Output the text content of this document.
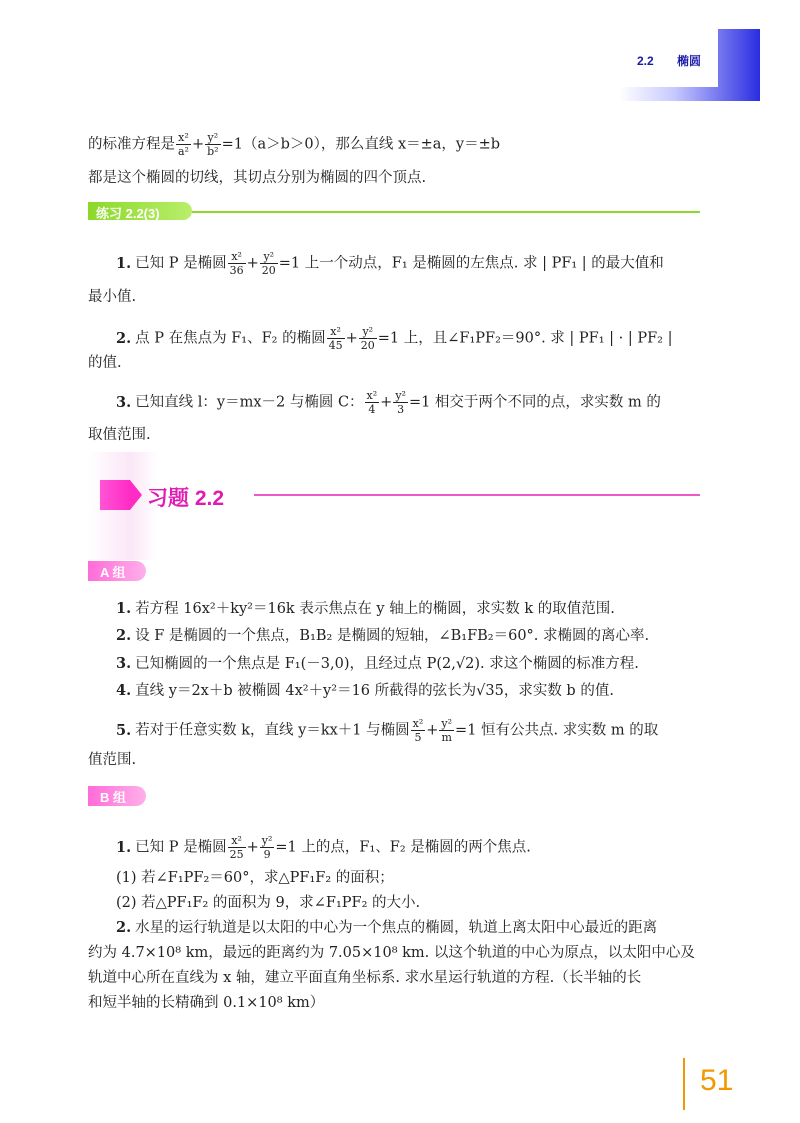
2.2 椭圆
的标准方程是 $\frac{\text{x²}}{\text{a²}} + \frac{\text{y²}}{\text{b²}} =1(a>b>0)$，那么直线 x＝±a，y＝±b
都是这个椭圆的切线，其切点分别为椭圆的四个顶点.
练习 2.2(3)
1. 已知 P 是椭圆 $\frac{\text{x²}}{36} + \frac{\text{y²}}{20} =1$ 上一个动点，F₁ 是椭圆的左焦点. 求 | PF₁ | 的最大值和
最小值.
2. 点 P 在焦点为 F₁、F₂ 的椭圆 $\frac{\text{x²}}{45} + \frac{\text{y²}}{20} =1$ 上，且∠F₁PF₂＝90°. 求 | PF₁ | · | PF₂ |
的值.
3. 已知直线 l：y＝mx－2 与椭圆 C： $\frac{\text{x²}}{4} + \frac{\text{y²}}{3} =1$ 相交于两个不同的点，求实数 m 的
取值范围.
习题 2.2
A 组
1. 若方程 16x²＋ky²＝16k 表示焦点在 y 轴上的椭圆，求实数 k 的取值范围.
2. 设 F 是椭圆的一个焦点，B₁B₂ 是椭圆的短轴，∠B₁FB₂＝60°. 求椭圆的离心率.
3. 已知椭圆的一个焦点是 F₁(－3,0)，且经过点 P(2,√2). 求这个椭圆的标准方程.
4. 直线 y＝2x＋b 被椭圆 4x²＋y²＝16 所截得的弦长为√35，求实数 b 的值.
5. 若对于任意实数 k，直线 y＝kx＋1 与椭圆 $\frac{\text{x²}}{5} + \frac{\text{y²}}{m} =1$ 恒有公共点. 求实数 m 的取
值范围.
B 组
1. 已知 P 是椭圆 $\frac{\text{x²}}{25} + \frac{\text{y²}}{9} =1$ 上的点，F₁、F₂ 是椭圆的两个焦点.
(1) 若∠F₁PF₂＝60°，求△PF₁F₂ 的面积；
(2) 若△PF₁F₂ 的面积为 9，求∠F₁PF₂ 的大小.
2. 水星的运行轨道是以太阳的中心为一个焦点的椭圆，轨道上离太阳中心最近的距离
约为 4.7×10⁸ km，最远的距离约为 7.05×10⁸ km. 以这个轨道的中心为原点，以太阳中心及
轨道中心所在直线为 x 轴，建立平面直角坐标系. 求水星运行轨道的方程.（长半轴的长
和短半轴的长精确到 0.1×10⁸ km）
51
